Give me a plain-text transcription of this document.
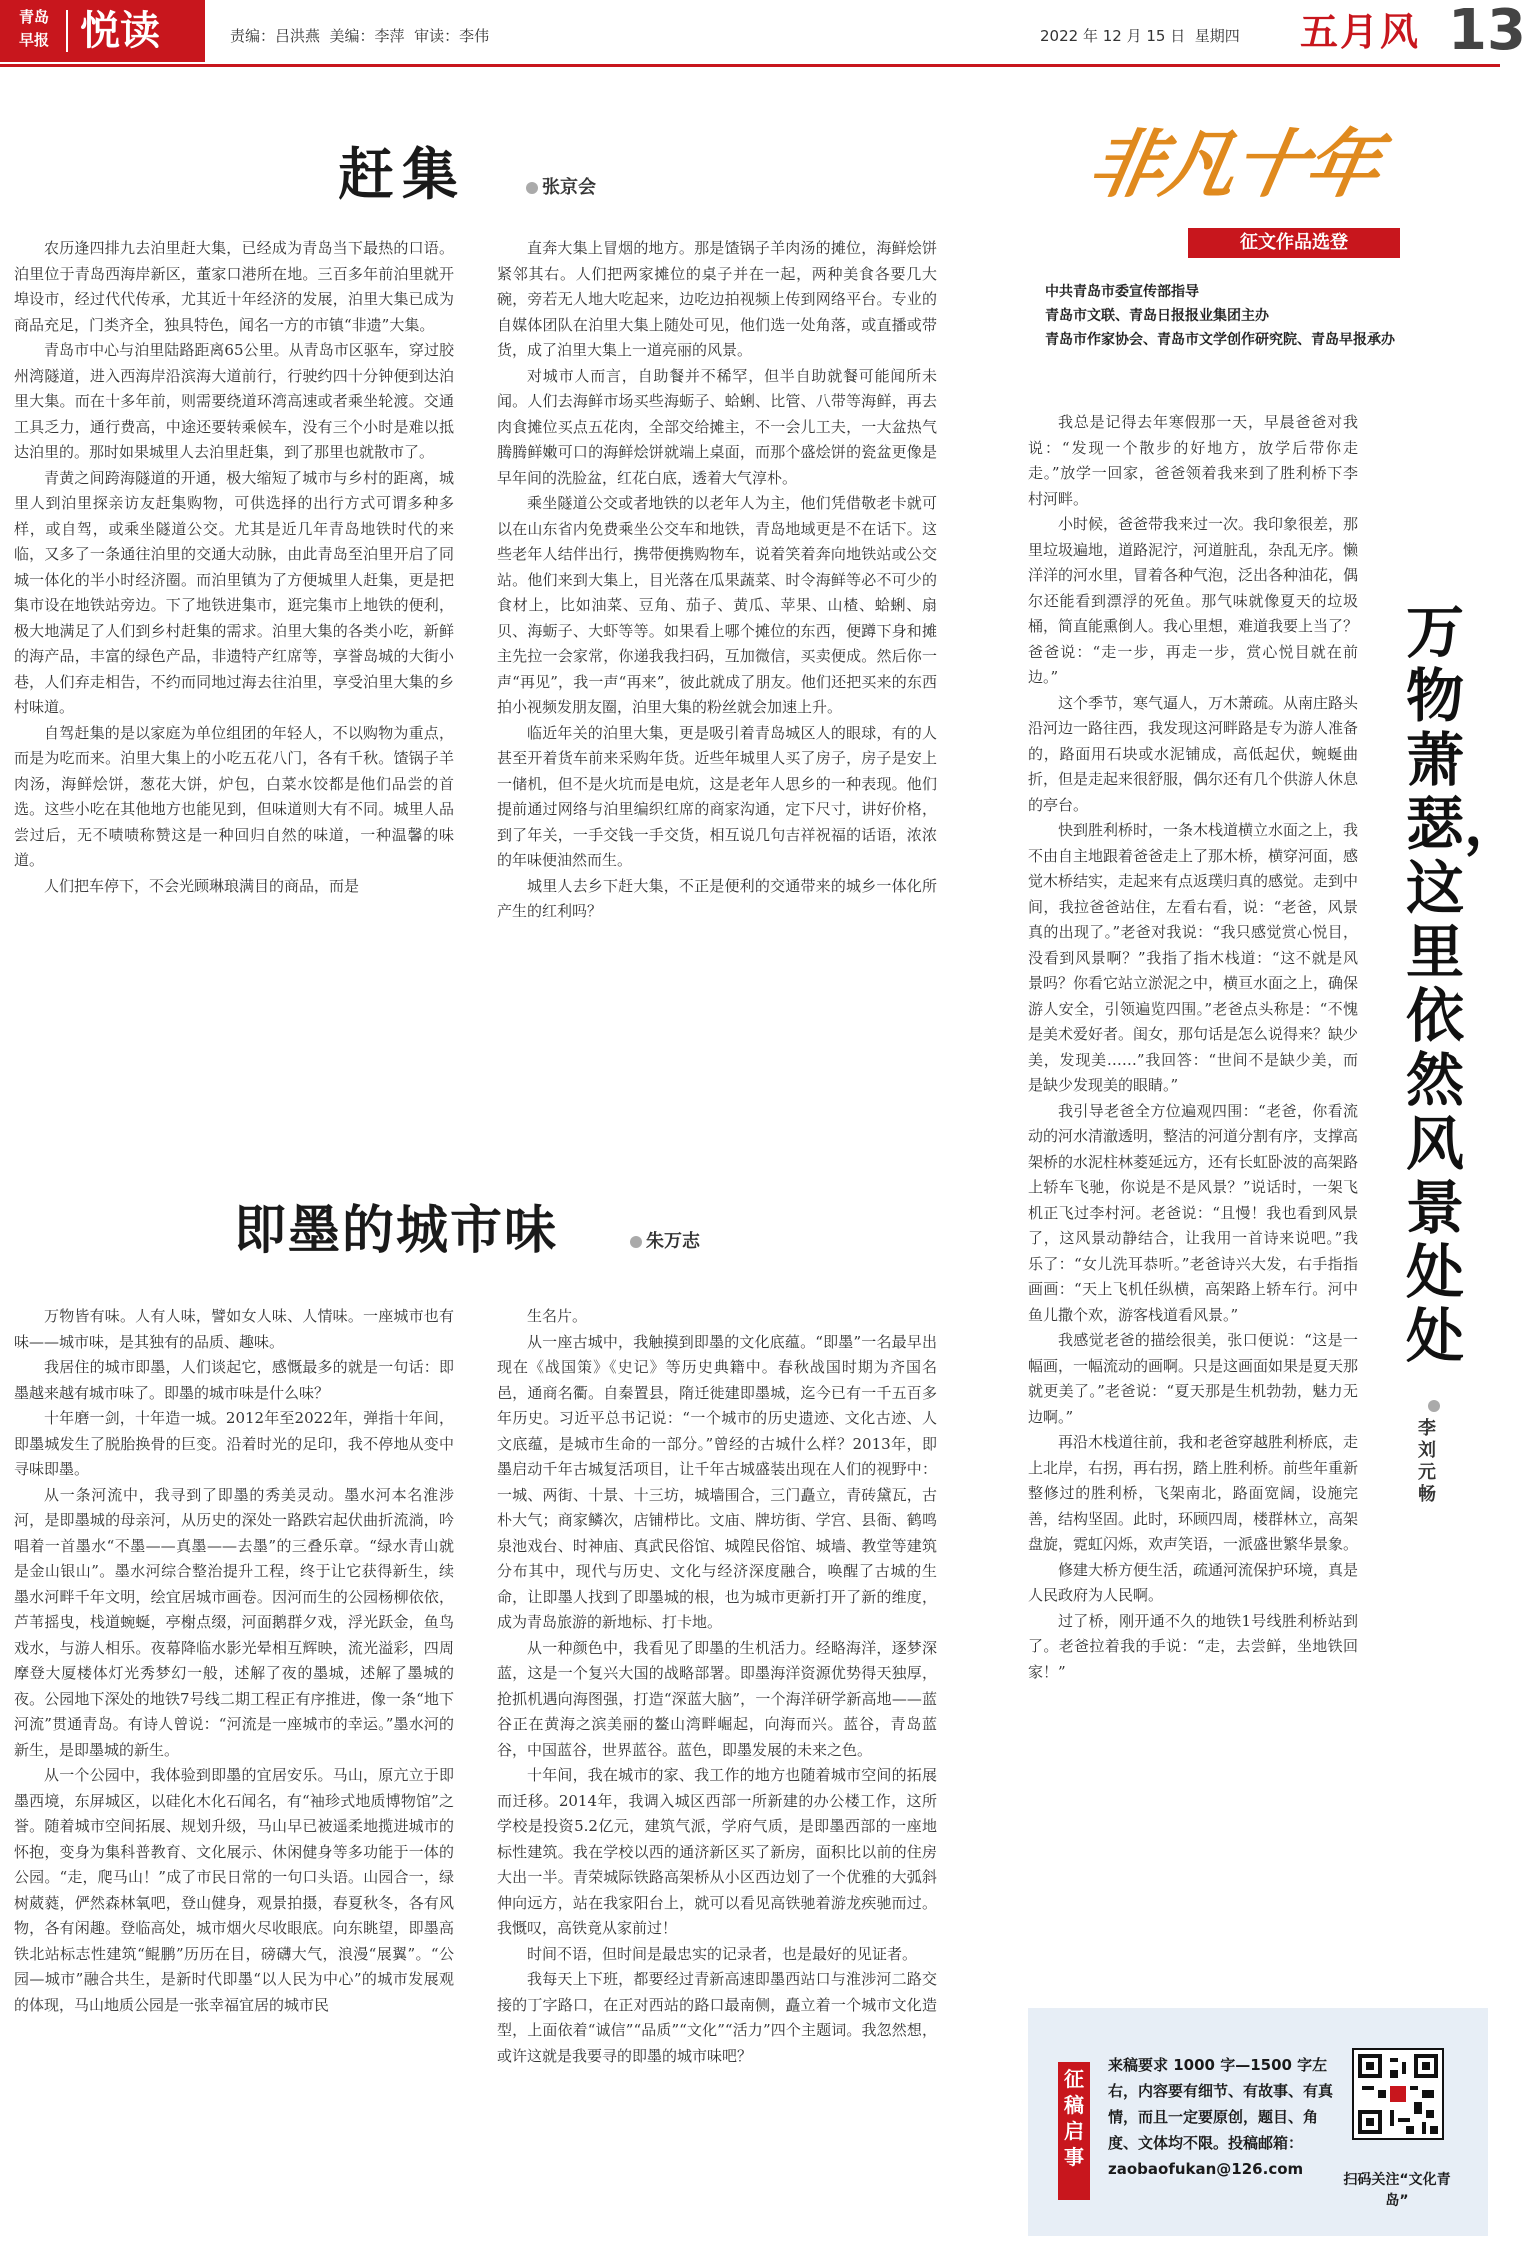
青岛
早报 悦读	责编：吕洪燕  美编：李萍  审读：李伟	2022 年 12 月 15 日  星期四 五月风 13
赶集	张京会

农历逢四排九去泊里赶大集，已经成为青岛当下最热的口语。泊里位于青岛西海岸新区，董家口港所在地。三百多年前泊里就开埠设市，经过代代传承，尤其近十年经济的发展，泊里大集已成为商品充足，门类齐全，独具特色，闻名一方的市镇“非遗”大集。

青岛市中心与泊里陆路距离65公里。从青岛市区驱车，穿过胶州湾隧道，进入西海岸沿滨海大道前行，行驶约四十分钟便到达泊里大集。而在十多年前，则需要绕道环湾高速或者乘坐轮渡。交通工具乏力，通行费高，中途还要转乘候车，没有三个小时是难以抵达泊里的。那时如果城里人去泊里赶集，到了那里也就散市了。

青黄之间跨海隧道的开通，极大缩短了城市与乡村的距离，城里人到泊里探亲访友赶集购物，可供选择的出行方式可谓多种多样，或自驾，或乘坐隧道公交。尤其是近几年青岛地铁时代的来临，又多了一条通往泊里的交通大动脉，由此青岛至泊里开启了同城一体化的半小时经济圈。而泊里镇为了方便城里人赶集，更是把集市设在地铁站旁边。下了地铁进集市，逛完集市上地铁的便利，极大地满足了人们到乡村赶集的需求。泊里大集的各类小吃，新鲜的海产品，丰富的绿色产品，非遗特产红席等，享誉岛城的大街小巷，人们弃走相告，不约而同地过海去往泊里，享受泊里大集的乡村味道。

自驾赶集的是以家庭为单位组团的年轻人，不以购物为重点，而是为吃而来。泊里大集上的小吃五花八门，各有千秋。馇锅子羊肉汤，海鲜烩饼，葱花大饼，炉包，白菜水饺都是他们品尝的首选。这些小吃在其他地方也能见到，但味道则大有不同。城里人品尝过后，无不啧啧称赞这是一种回归自然的味道，一种温馨的味道。

人们把车停下，不会光顾琳琅满目的商品，而是

直奔大集上冒烟的地方。那是馇锅子羊肉汤的摊位，海鲜烩饼紧邻其右。人们把两家摊位的桌子并在一起，两种美食各要几大碗，旁若无人地大吃起来，边吃边拍视频上传到网络平台。专业的自媒体团队在泊里大集上随处可见，他们选一处角落，或直播或带货，成了泊里大集上一道亮丽的风景。

对城市人而言，自助餐并不稀罕，但半自助就餐可能闻所未闻。人们去海鲜市场买些海蛎子、蛤蜊、比管、八带等海鲜，再去肉食摊位买点五花肉，全部交给摊主，不一会儿工夫，一大盆热气腾腾鲜嫩可口的海鲜烩饼就端上桌面，而那个盛烩饼的瓷盆更像是早年间的洗脸盆，红花白底，透着大气淳朴。

乘坐隧道公交或者地铁的以老年人为主，他们凭借敬老卡就可以在山东省内免费乘坐公交车和地铁，青岛地域更是不在话下。这些老年人结伴出行，携带便携购物车，说着笑着奔向地铁站或公交站。他们来到大集上，目光落在瓜果蔬菜、时令海鲜等必不可少的食材上，比如油菜、豆角、茄子、黄瓜、苹果、山楂、蛤蜊、扇贝、海蛎子、大虾等等。如果看上哪个摊位的东西，便蹲下身和摊主先拉一会家常，你递我我扫码，互加微信，买卖便成。然后你一声“再见”，我一声“再来”，彼此就成了朋友。他们还把买来的东西拍小视频发朋友圈，泊里大集的粉丝就会加速上升。

临近年关的泊里大集，更是吸引着青岛城区人的眼球，有的人甚至开着货车前来采购年货。近些年城里人买了房子，房子是安上一储机，但不是火坑而是电炕，这是老年人思乡的一种表现。他们提前通过网络与泊里编织红席的商家沟通，定下尺寸，讲好价格，到了年关，一手交钱一手交货，相互说几句吉祥祝福的话语，浓浓的年味便油然而生。

城里人去乡下赶大集，不正是便利的交通带来的城乡一体化所产生的红利吗？

即墨的城市味	朱万志

万物皆有味。人有人味，譬如女人味、人情味。一座城市也有味——城市味，是其独有的品质、趣味。

我居住的城市即墨，人们谈起它，感慨最多的就是一句话：即墨越来越有城市味了。即墨的城市味是什么味？

十年磨一剑，十年造一城。2012年至2022年，弹指十年间，即墨城发生了脱胎换骨的巨变。沿着时光的足印，我不停地从变中寻味即墨。

从一条河流中，我寻到了即墨的秀美灵动。墨水河本名淮涉河，是即墨城的母亲河，从历史的深处一路跌宕起伏曲折流淌，吟唱着一首墨水“不墨——真墨——去墨”的三叠乐章。“绿水青山就是金山银山”。墨水河综合整治提升工程，终于让它获得新生，续墨水河畔千年文明，绘宜居城市画卷。因河而生的公园杨柳依依，芦苇摇曳，栈道蜿蜒，亭榭点缀，河面鹅群夕戏，浮光跃金，鱼鸟戏水，与游人相乐。夜幕降临水影光晕相互辉映，流光溢彩，四周摩登大厦楼体灯光秀梦幻一般，述解了夜的墨城，述解了墨城的夜。公园地下深处的地铁7号线二期工程正有序推进，像一条“地下河流”贯通青岛。有诗人曾说：“河流是一座城市的幸运。”墨水河的新生，是即墨城的新生。

从一个公园中，我体验到即墨的宜居安乐。马山，原亢立于即墨西境，东屏城区，以硅化木化石闻名，有“袖珍式地质博物馆”之誉。随着城市空间拓展、规划升级，马山早已被遥柔地揽进城市的怀抱，变身为集科普教育、文化展示、休闲健身等多功能于一体的公园。“走，爬马山！”成了市民日常的一句口头语。山园合一，绿树葳蕤，俨然森林氧吧，登山健身，观景拍摄，春夏秋冬，各有风物，各有闲趣。登临高处，城市烟火尽收眼底。向东眺望，即墨高铁北站标志性建筑“鲲鹏”历历在目，磅礴大气，浪漫“展翼”。“公园—城市”融合共生，是新时代即墨“以人民为中心”的城市发展观的体现，马山地质公园是一张幸福宜居的城市民

生名片。

从一座古城中，我触摸到即墨的文化底蕴。“即墨”一名最早出现在《战国策》《史记》等历史典籍中。春秋战国时期为齐国名邑，通商名衢。自秦置县，隋迁徙建即墨城，迄今已有一千五百多年历史。习近平总书记说：“一个城市的历史遗迹、文化古迹、人文底蕴，是城市生命的一部分。”曾经的古城什么样？2013年，即墨启动千年古城复活项目，让千年古城盛装出现在人们的视野中：一城、两街、十景、十三坊，城墙围合，三门矗立，青砖黛瓦，古朴大气；商家鳞次，店铺栉比。文庙、牌坊街、学宫、县衙、鹤鸣泉池戏台、时神庙、真武民俗馆、城隍民俗馆、城墙、教堂等建筑分布其中，现代与历史、文化与经济深度融合，唤醒了古城的生命，让即墨人找到了即墨城的根，也为城市更新打开了新的维度，成为青岛旅游的新地标、打卡地。

从一种颜色中，我看见了即墨的生机活力。经略海洋，逐梦深蓝，这是一个复兴大国的战略部署。即墨海洋资源优势得天独厚，抢抓机遇向海图强，打造“深蓝大脑”，一个海洋研学新高地——蓝谷正在黄海之滨美丽的鳌山湾畔崛起，向海而兴。蓝谷，青岛蓝谷，中国蓝谷，世界蓝谷。蓝色，即墨发展的未来之色。

十年间，我在城市的家、我工作的地方也随着城市空间的拓展而迁移。2014年，我调入城区西部一所新建的办公楼工作，这所学校是投资5.2亿元，建筑气派，学府气质，是即墨西部的一座地标性建筑。我在学校以西的通济新区买了新房，面积比以前的住房大出一半。青荣城际铁路高架桥从小区西边划了一个优雅的大弧斜伸向远方，站在我家阳台上，就可以看见高铁驰着游龙疾驰而过。我慨叹，高铁竟从家前过！

时间不语，但时间是最忠实的记录者，也是最好的见证者。

我每天上下班，都要经过青新高速即墨西站口与淮涉河二路交接的丁字路口，在正对西站的路口最南侧，矗立着一个城市文化造型，上面依着“诚信”“品质”“文化”“活力”四个主题词。我忽然想，或许这就是我要寻的即墨的城市味吧？

非凡十年
征文作品选登
中共青岛市委宣传部指导
青岛市文联、青岛日报报业集团主办
青岛市作家协会、青岛市文学创作研究院、青岛早报承办

我总是记得去年寒假那一天，早晨爸爸对我说：“发现一个散步的好地方，放学后带你走走。”放学一回家，爸爸领着我来到了胜利桥下李村河畔。

小时候，爸爸带我来过一次。我印象很差，那里垃圾遍地，道路泥泞，河道脏乱，杂乱无序。懒洋洋的河水里，冒着各种气泡，泛出各种油花，偶尔还能看到漂浮的死鱼。那气味就像夏天的垃圾桶，简直能熏倒人。我心里想，难道我要上当了？爸爸说：“走一步，再走一步，赏心悦目就在前边。”

这个季节，寒气逼人，万木萧疏。从南庄路头沿河边一路往西，我发现这河畔路是专为游人准备的，路面用石块或水泥铺成，高低起伏，蜿蜒曲折，但是走起来很舒服，偶尔还有几个供游人休息的亭台。

快到胜利桥时，一条木栈道横立水面之上，我不由自主地跟着爸爸走上了那木桥，横穿河面，感觉木桥结实，走起来有点返璞归真的感觉。走到中间，我拉爸爸站住，左看右看，说：“老爸，风景真的出现了。”老爸对我说：“我只感觉赏心悦目，没看到风景啊？”我指了指木栈道：“这不就是风景吗？你看它站立淤泥之中，横亘水面之上，确保游人安全，引领遍览四围。”老爸点头称是：“不愧是美术爱好者。闺女，那句话是怎么说得来？缺少美，发现美……”我回答：“世间不是缺少美，而是缺少发现美的眼睛。”

我引导老爸全方位遍观四围：“老爸，你看流动的河水清澈透明，整洁的河道分割有序，支撑高架桥的水泥柱林菱延远方，还有长虹卧波的高架路上轿车飞驰，你说是不是风景？”说话时，一架飞机正飞过李村河。老爸说：“且慢！我也看到风景了，这风景动静结合，让我用一首诗来说吧。”我乐了：“女儿洗耳恭听。”老爸诗兴大发，右手指指画画：“天上飞机任纵横，高架路上轿车行。河中鱼儿撒个欢，游客栈道看风景。”

我感觉老爸的描绘很美，张口便说：“这是一幅画，一幅流动的画啊。只是这画面如果是夏天那就更美了。”老爸说：“夏天那是生机勃勃，魅力无边啊。”

再沿木栈道往前，我和老爸穿越胜利桥底，走上北岸，右拐，再右拐，踏上胜利桥。前些年重新整修过的胜利桥，飞架南北，路面宽阔，设施完善，结构坚固。此时，环顾四周，楼群林立，高架盘旋，霓虹闪烁，欢声笑语，一派盛世繁华景象。

修建大桥方便生活，疏通河流保护环境，真是人民政府为人民啊。

过了桥，刚开通不久的地铁1号线胜利桥站到了。老爸拉着我的手说：“走，去尝鲜，坐地铁回家！”

万物萧瑟，这里依然风景处处
李刘元畅
征稿启事
来稿要求 1000 字—1500 字左右，内容要有细节、有故事、有真情，而且一定要原创，题目、角度、文体均不限。投稿邮箱：zaobaofukan@126.com
扫码关注“文化青岛”
